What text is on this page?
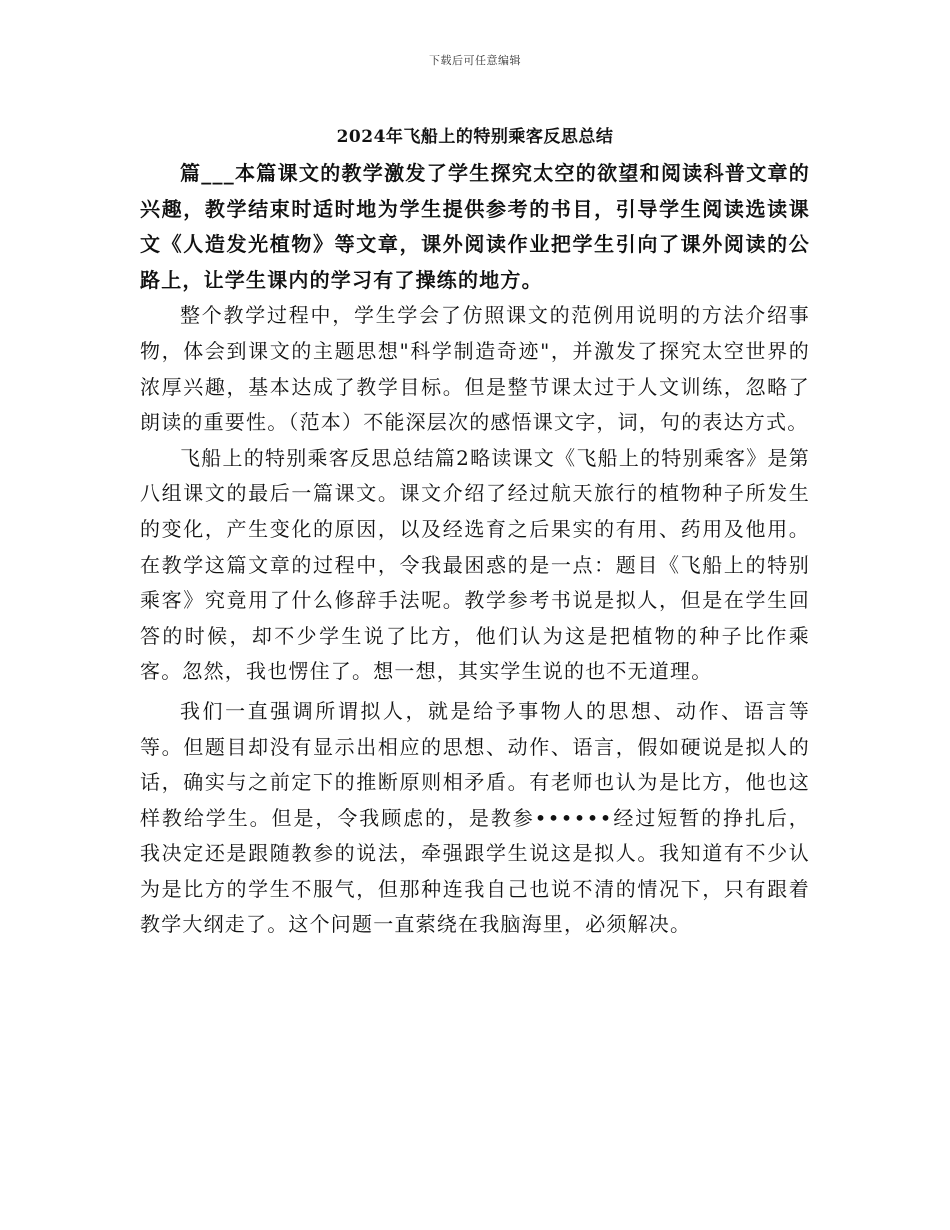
下载后可任意编辑
2024年飞船上的特别乘客反思总结

篇___本篇课文的教学激发了学生探究太空的欲望和阅读科普文章的兴趣，教学结束时适时地为学生提供参考的书目，引导学生阅读选读课文《人造发光植物》等文章，课外阅读作业把学生引向了课外阅读的公路上，让学生课内的学习有了操练的地方。

整个教学过程中，学生学会了仿照课文的范例用说明的方法介绍事物，体会到课文的主题思想"科学制造奇迹"，并激发了探究太空世界的浓厚兴趣，基本达成了教学目标。但是整节课太过于人文训练，忽略了朗读的重要性。（范本）不能深层次的感悟课文字，词，句的表达方式。

飞船上的特别乘客反思总结篇2略读课文《飞船上的特别乘客》是第八组课文的最后一篇课文。课文介绍了经过航天旅行的植物种子所发生的变化，产生变化的原因，以及经选育之后果实的有用、药用及他用。在教学这篇文章的过程中，令我最困惑的是一点：题目《飞船上的特别乘客》究竟用了什么修辞手法呢。教学参考书说是拟人，但是在学生回答的时候，却不少学生说了比方，他们认为这是把植物的种子比作乘客。忽然，我也愣住了。想一想，其实学生说的也不无道理。

我们一直强调所谓拟人，就是给予事物人的思想、动作、语言等等。但题目却没有显示出相应的思想、动作、语言，假如硬说是拟人的话，确实与之前定下的推断原则相矛盾。有老师也认为是比方，他也这样教给学生。但是，令我顾虑的，是教参••••••经过短暂的挣扎后，我决定还是跟随教参的说法，牵强跟学生说这是拟人。我知道有不少认为是比方的学生不服气，但那种连我自己也说不清的情况下，只有跟着教学大纲走了。这个问题一直萦绕在我脑海里，必须解决。
